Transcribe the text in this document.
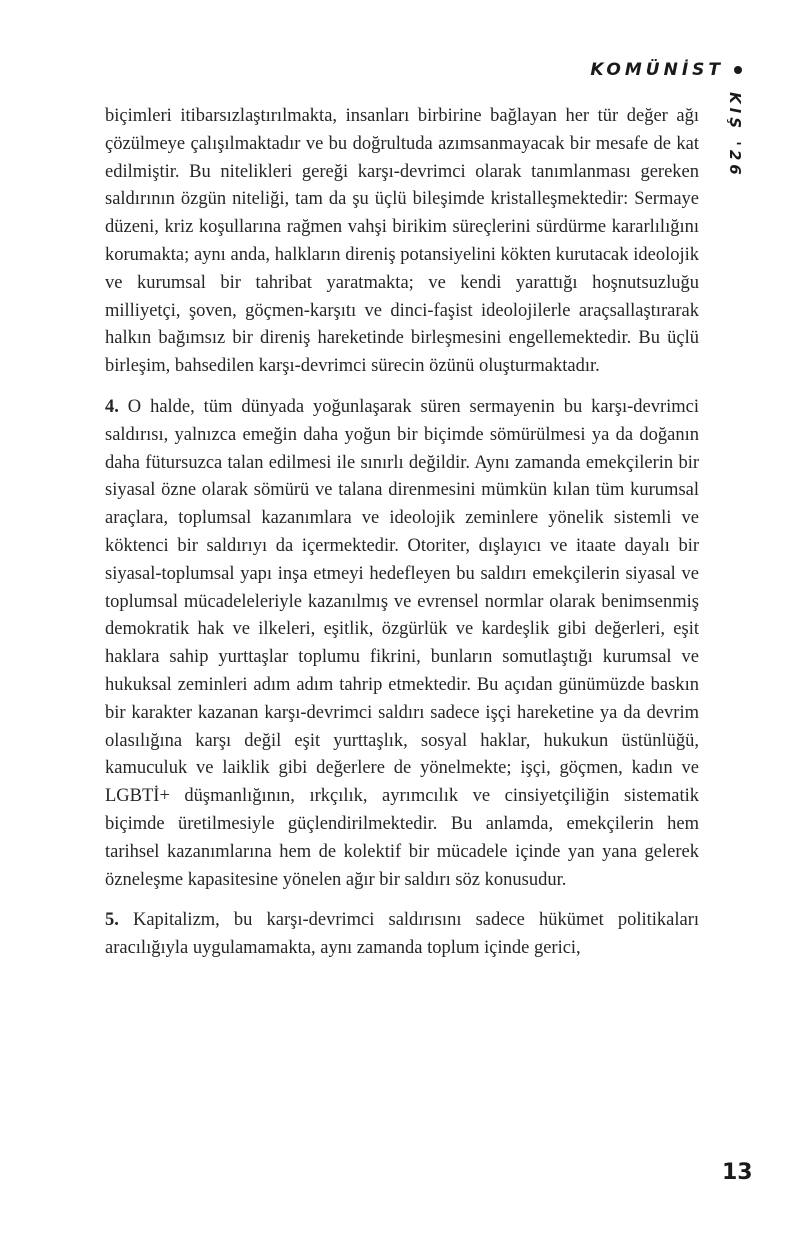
KOMÜNİST
KIŞ '26

biçimleri itibarsızlaştırılmakta, insanları birbirine bağlayan her tür değer ağı çözülmeye çalışılmaktadır ve bu doğrultuda azımsanmayacak bir mesafe de kat edilmiştir. Bu nitelikleri gereği karşı-devrimci olarak tanımlanması gereken saldırının özgün niteliği, tam da şu üçlü bileşimde kristalleşmektedir: Sermaye düzeni, kriz koşullarına rağmen vahşi birikim süreçlerini sürdürme kararlılığını korumakta; aynı anda, halkların direniş potansiyelini kökten kurutacak ideolojik ve kurumsal bir tahribat yaratmakta; ve kendi yarattığı hoşnutsuzluğu milliyetçi, şoven, göçmen-karşıtı ve dinci-faşist ideolojilerle araçsallaştırarak halkın bağımsız bir direniş hareketinde birleşmesini engellemektedir. Bu üçlü birleşim, bahsedilen karşı-devrimci sürecin özünü oluşturmaktadır.

4. O halde, tüm dünyada yoğunlaşarak süren sermayenin bu karşı-devrimci saldırısı, yalnızca emeğin daha yoğun bir biçimde sömürülmesi ya da doğanın daha fütursuzca talan edilmesi ile sınırlı değildir. Aynı zamanda emekçilerin bir siyasal özne olarak sömürü ve talana direnmesini mümkün kılan tüm kurumsal araçlara, toplumsal kazanımlara ve ideolojik zeminlere yönelik sistemli ve köktenci bir saldırıyı da içermektedir. Otoriter, dışlayıcı ve itaate dayalı bir siyasal-toplumsal yapı inşa etmeyi hedefleyen bu saldırı emekçilerin siyasal ve toplumsal mücadeleleriyle kazanılmış ve evrensel normlar olarak benimsenmiş demokratik hak ve ilkeleri, eşitlik, özgürlük ve kardeşlik gibi değerleri, eşit haklara sahip yurttaşlar toplumu fikrini, bunların somutlaştığı kurumsal ve hukuksal zeminleri adım adım tahrip etmektedir. Bu açıdan günümüzde baskın bir karakter kazanan karşı-devrimci saldırı sadece işçi hareketine ya da devrim olasılığına karşı değil eşit yurttaşlık, sosyal haklar, hukukun üstünlüğü, kamuculuk ve laiklik gibi değerlere de yönelmekte; işçi, göçmen, kadın ve LGBTİ+ düşmanlığının, ırkçılık, ayrımcılık ve cinsiyetçiliğin sistematik biçimde üretilmesiyle güçlendirilmektedir. Bu anlamda, emekçilerin hem tarihsel kazanımlarına hem de kolektif bir mücadele içinde yan yana gelerek özneleşme kapasitesine yönelen ağır bir saldırı söz konusudur.

5. Kapitalizm, bu karşı-devrimci saldırısını sadece hükümet politikaları aracılığıyla uygulamamakta, aynı zamanda toplum içinde gerici,

13
